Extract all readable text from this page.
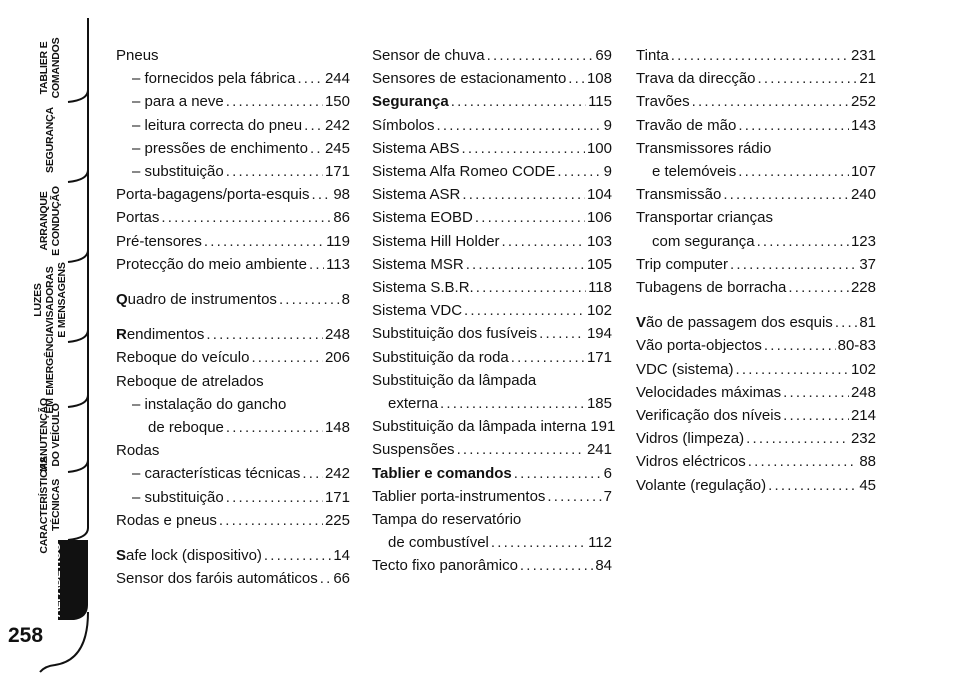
TABLIER E
COMANDOS
SEGURANÇA
ARRANQUE
E CONDUÇÃO
LUZES
AVISADORAS
E MENSAGENS
EM EMERGÊNCIA
MANUTENÇÃO
DO VEÍCULO
CARACTERÍSTICAS
TÉCNICAS
ÍNDICE
ALFABÉTICO
258
Pneus
– fornecidos pela fábrica ..... 244
– para a neve .....	150
– leitura correcta do pneu ..... 242
– pressões de enchimento ..... 245
– substituição .....	171
Porta-bagagens/porta-esquis ..... 98
Portas .....	86
Pré-tensores .....	119
Protecção do meio ambiente ..... 113
Quadro de instrumentos .....	8
Rendimentos .....	248
Reboque do veículo .....	206
Reboque de atrelados
– instalação do gancho
de reboque .....	148
Rodas
– características técnicas ..... 242
– substituição .....	171
Rodas e pneus .....	225
Safe lock (dispositivo) .....	14
Sensor dos faróis automáticos ..... 66
Sensor de chuva .....	69
Sensores de estacionamento ..... 108
Segurança .....	115
Símbolos .....	9
Sistema ABS .....	100
Sistema Alfa Romeo CODE .....	9
Sistema ASR .....	104
Sistema EOBD .....	106
Sistema Hill Holder .....	103
Sistema MSR .....	105
Sistema S.B.R. .....	118
Sistema VDC .....	102
Substituição dos fusíveis .....	194
Substituição da roda .....	171
Substituição da lâmpada
externa .....	185
Substituição da lâmpada interna 191
Suspensões .....	241
Tablier e comandos .....	6
Tablier porta-instrumentos .....	7
Tampa do reservatório
de combustível .....	112
Tecto fixo panorâmico .....	84
Tinta .....	231
Trava da direcção .....	21
Travões .....	252
Travão de mão .....	143
Transmissores rádio
e telemóveis .....	107
Transmissão .....	240
Transportar crianças
com segurança .....	123
Trip computer .....	37
Tubagens de borracha .....	228
Vão de passagem dos esquis ..... 81
Vão porta-objectos .....	80-83
VDC (sistema) .....	102
Velocidades máximas .....	248
Verificação dos níveis .....	214
Vidros (limpeza) .....	232
Vidros eléctricos .....	88
Volante (regulação) .....	45
